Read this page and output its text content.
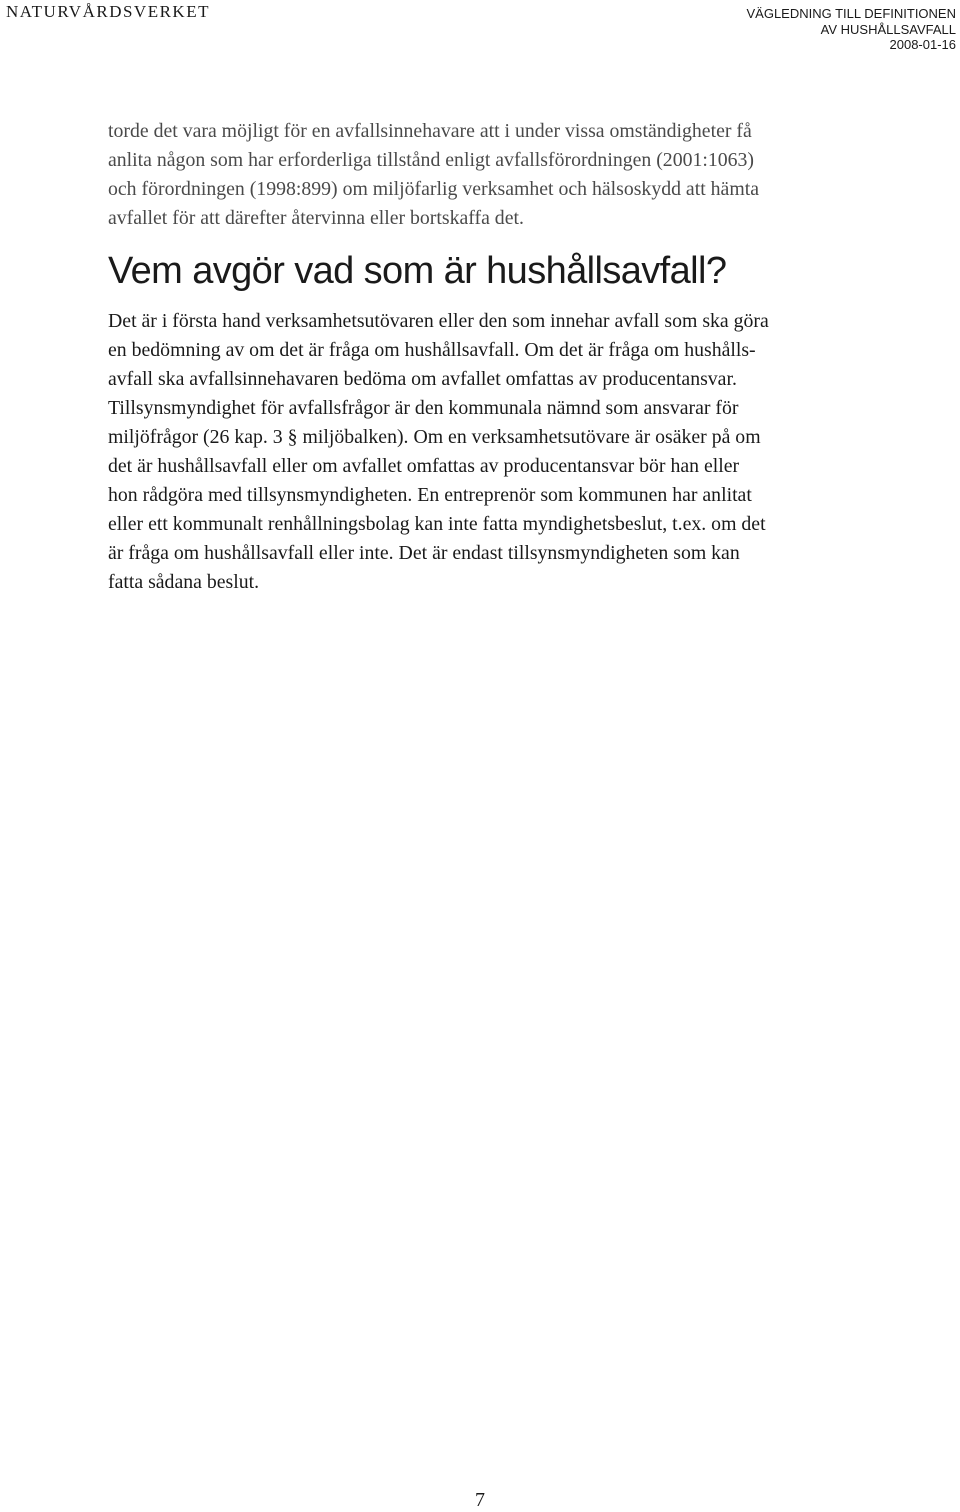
NATURVÅRDSVERKET	VÄGLEDNING TILL DEFINITIONEN
AV HUSHÅLLSAVFALL
2008-01-16

torde det vara möjligt för en avfallsinnehavare att i under vissa omständigheter få
anlita någon som har erforderliga tillstånd enligt avfallsförordningen (2001:1063)
och förordningen (1998:899) om miljöfarlig verksamhet och hälsoskydd att hämta
avfallet för att därefter återvinna eller bortskaffa det.

Vem avgör vad som är hushållsavfall?

Det är i första hand verksamhetsutövaren eller den som innehar avfall som ska göra
en bedömning av om det är fråga om hushållsavfall. Om det är fråga om hushålls-
avfall ska avfallsinnehavaren bedöma om avfallet omfattas av producentansvar.
Tillsynsmyndighet för avfallsfrågor är den kommunala nämnd som ansvarar för
miljöfrågor (26 kap. 3 § miljöbalken). Om en verksamhetsutövare är osäker på om
det är hushållsavfall eller om avfallet omfattas av producentansvar bör han eller
hon rådgöra med tillsynsmyndigheten. En entreprenör som kommunen har anlitat
eller ett kommunalt renhållningsbolag kan inte fatta myndighetsbeslut, t.ex. om det
är fråga om hushållsavfall eller inte. Det är endast tillsynsmyndigheten som kan
fatta sådana beslut.

7
